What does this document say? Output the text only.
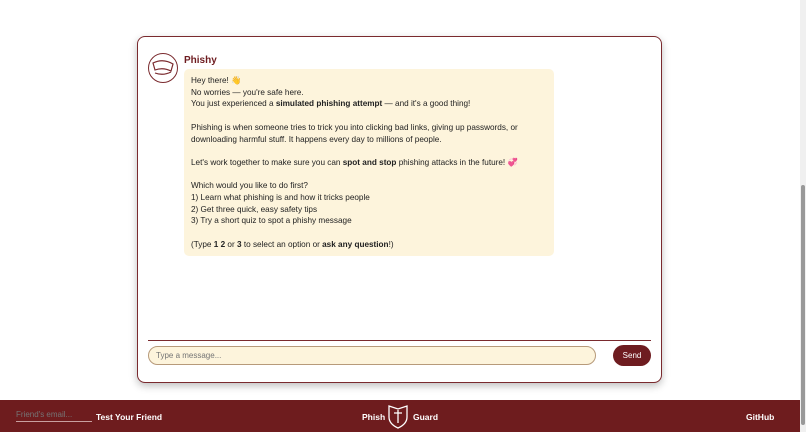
Phishy

Hey there! 👋
No worries — you're safe here.
You just experienced a simulated phishing attempt — and it's a good thing!

Phishing is when someone tries to trick you into clicking bad links, giving up passwords, or downloading harmful stuff. It happens every day to millions of people.

Let's work together to make sure you can spot and stop phishing attacks in the future! 💞

Which would you like to do first?
1) Learn what phishing is and how it tricks people
2) Get three quick, easy safety tips
3) Try a short quiz to spot a phishy message

(Type 1 2 or 3 to select an option or ask any question!)

Type a message...
Send
Friend's email...
Test Your Friend	Phish	Guard	GitHub
